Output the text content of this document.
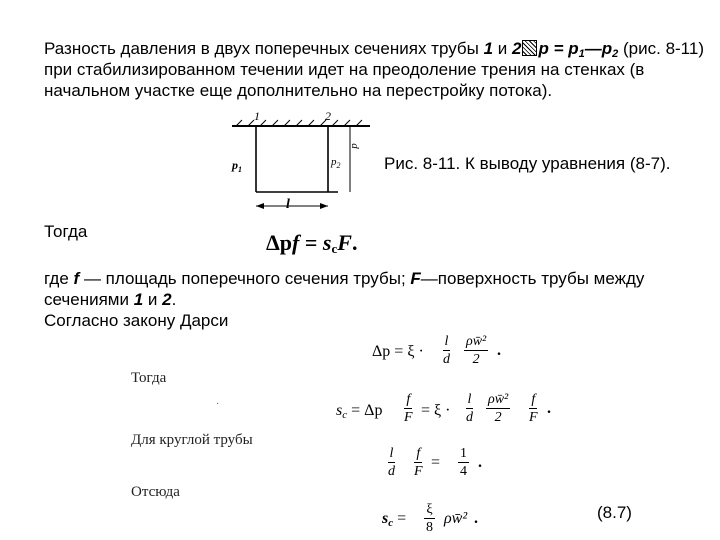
Разность давления в двух поперечных сечениях трубы 1 и 2 $p = p_1—p_2$ (рис. 8-11) при стабилизированном течении идет на преодоление трения на стенках (в начальном участке еще дополнительно на перестройку потока).

1	2
$p_1$
$p_2$
d
l
Рис. 8-11. К выводу уравнения (8-7).
Тогда	$\Delta pf = s_cF$.

где f — площадь поперечного сечения трубы; F—поверхность трубы между сечениями 1 и 2.
Согласно закону Дарси

$\Delta p = \xi \cdot \frac{l}{d} \frac{\text{ρw̄²}}{2}$ .
Тогда
Для круглой трубы
Отсюда
·	$s_c = \Delta p \frac{f}{F} = \xi \cdot \frac{l}{d} \frac{\text{ρw̄²}}{2} \frac{f}{F}$ .
$\frac{l}{d} \frac{f}{F} = \frac{1}{4}$ .
$s_c = \frac{\xi}{8}$ ρw̄² .	(8.7)
